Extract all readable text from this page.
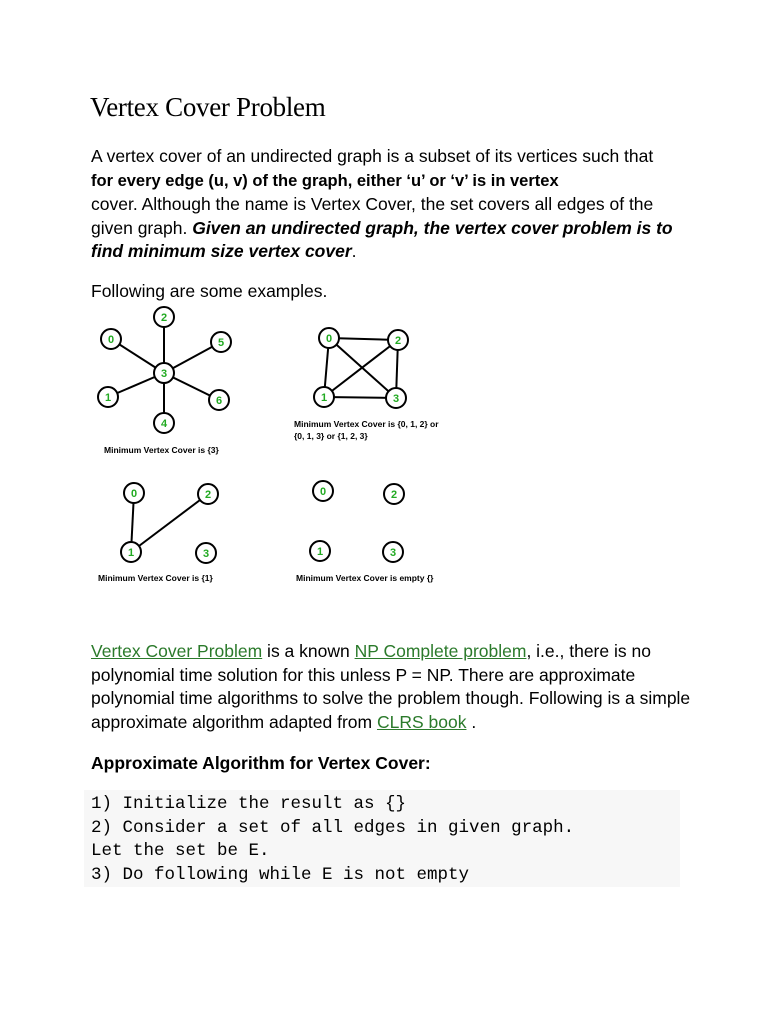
Vertex Cover Problem

A vertex cover of an undirected graph is a subset of its vertices such that
for every edge (u, v) of the graph, either ‘u’ or ‘v’ is in vertex
cover. Although the name is Vertex Cover, the set covers all edges of the given graph. Given an undirected graph, the vertex cover problem is to find minimum size vertex cover.

Following are some examples.

0
2
5
3
1	6
4
Minimum Vertex Cover is {3}
0	2
1	3
Minimum Vertex Cover is {0, 1, 2} or
{0, 1, 3} or {1, 2, 3}
0	2
1	3
Minimum Vertex Cover is {1}
0	2
1	3
Minimum Vertex Cover is empty {}

Vertex Cover Problem is a known NP Complete problem, i.e., there is no polynomial time solution for this unless P = NP. There are approximate polynomial time algorithms to solve the problem though. Following is a simple approximate algorithm adapted from CLRS book .

Approximate Algorithm for Vertex Cover:
1) Initialize the result as {}
2) Consider a set of all edges in given graph.
Let the set be E.
3) Do following while E is not empty
